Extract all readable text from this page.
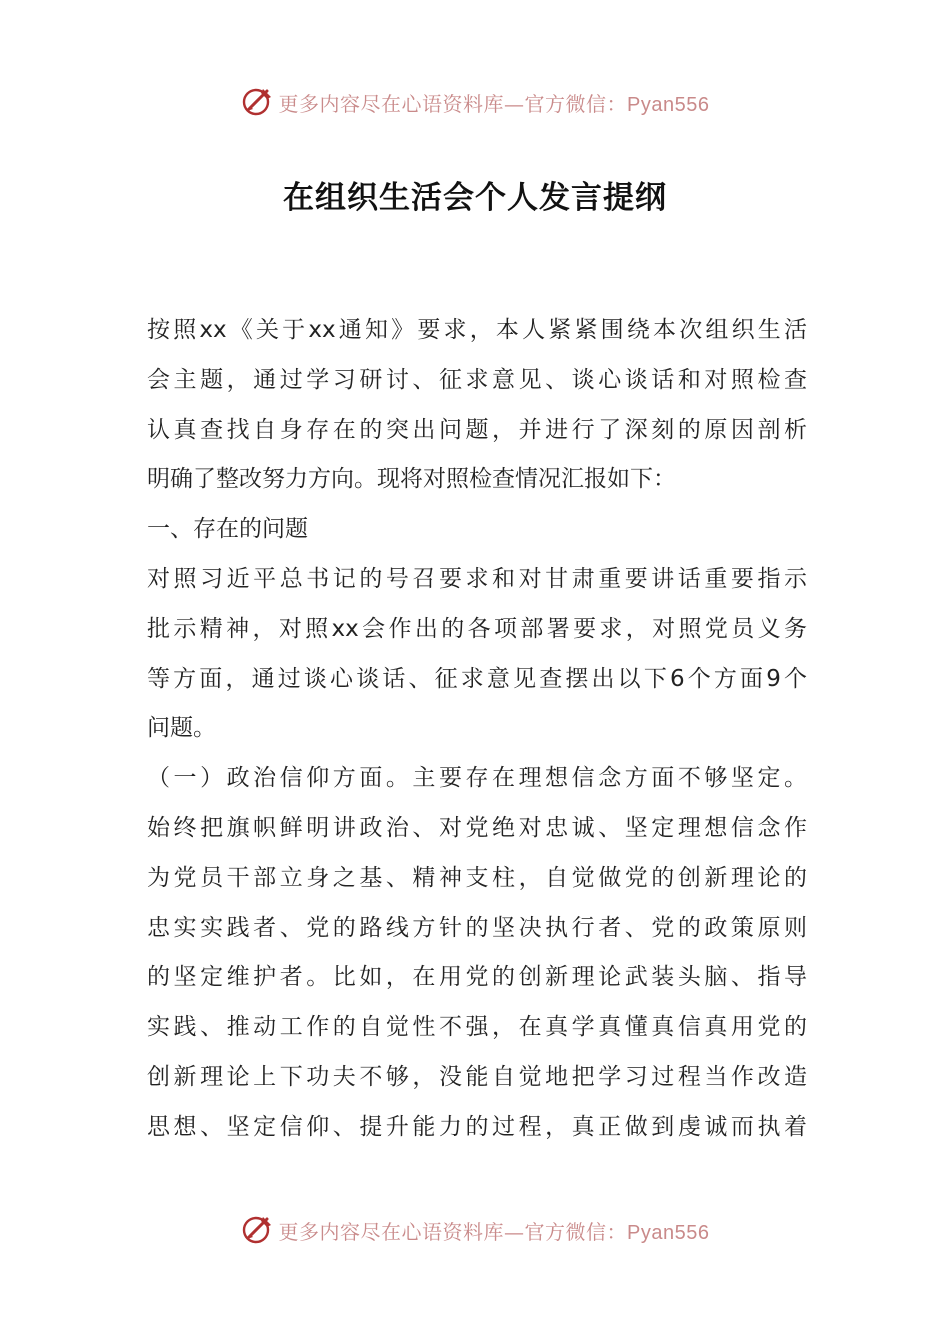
更多内容尽在心语资料库—官方微信：Pyan556
在组织生活会个人发言提纲
按照xx《关于xx通知》要求，本人紧紧围绕本次组织生活
会主题，通过学习研讨、征求意见、谈心谈话和对照检查
认真查找自身存在的突出问题，并进行了深刻的原因剖析
明确了整改努力方向。现将对照检查情况汇报如下：
一、存在的问题
对照习近平总书记的号召要求和对甘肃重要讲话重要指示
批示精神，对照xx会作出的各项部署要求，对照党员义务
等方面，通过谈心谈话、征求意见查摆出以下6个方面9个
问题。
（一）政治信仰方面。主要存在理想信念方面不够坚定。
始终把旗帜鲜明讲政治、对党绝对忠诚、坚定理想信念作
为党员干部立身之基、精神支柱，自觉做党的创新理论的
忠实实践者、党的路线方针的坚决执行者、党的政策原则
的坚定维护者。比如，在用党的创新理论武装头脑、指导
实践、推动工作的自觉性不强，在真学真懂真信真用党的
创新理论上下功夫不够，没能自觉地把学习过程当作改造
思想、坚定信仰、提升能力的过程，真正做到虔诚而执着
更多内容尽在心语资料库—官方微信：Pyan556
